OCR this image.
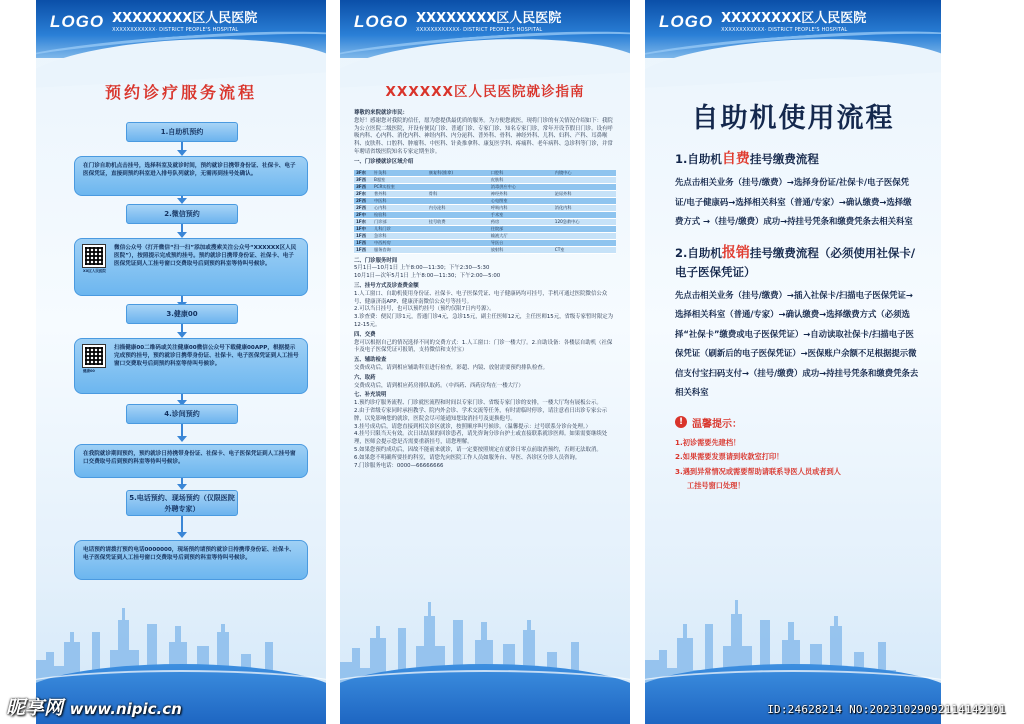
LOGO XXXXXXXX区人民医院
XXXXXXXXXXXX· DISTRICT PEOPLE'S HOSPITAL
预约诊疗服务流程
1.自助机预约
在门诊自助机点击挂号，选择科室及就诊时间，预约就诊日携带身份证、社保卡、电子医保凭证，直接到预约科室进入排号队列就诊，无需再到挂号处确认。
2.微信预约
XX区人民医院
微信公众号（打开微信“扫一扫”添加或搜索关注公众号“XXXXXX区人民医院”），按照提示完成预约挂号。预约就诊日携带身份证、社保卡、电子医保凭证到人工挂号窗口交费取号后到预约科室等待叫号候诊。
3.健康00
健康00
扫描健康00二维码或关注健康00微信公众号下载健康00APP，根据提示完成预约挂号，预约就诊日携带身份证、社保卡、电子医保凭证到人工挂号窗口交费取号后到预约科室等待叫号候诊。
4.诊间预约
在我院就诊期间预约，预约就诊日持携带身份证、社保卡、电子医保凭证到人工挂号窗口交费取号后到预约科室等待叫号候诊。
5.电话预约、现场预约（仅限医院外聘专家）
电话预约请拨打预约电话0000000，现场预约请预约就诊日持携带身份证、社保卡、电子医保凭证到人工挂号窗口交费取号后到预约科室等待叫号候诊。
LOGO XXXXXXXX区人民医院
XXXXXXXXXXXX· DISTRICT PEOPLE'S HOSPITAL
XXXXXX区人民医院就诊指南

尊敬的来院就诊市民：

您好！感谢您对我院的信任，愿为您提供最优质的服务。为方便您就医，现将门诊的有关情况介绍如下：我院为公立医院二级医院，开设有便民门诊、普通门诊、专家门诊、知名专家门诊，常年开设节假日门诊。设有呼吸内科、心内科、消化内科、神经内科、内分泌科、普外科、骨科、神经外科、儿科、妇科、产科、耳鼻喉科、皮肤科、口腔科、肿瘤科、中医科、针灸推拿科、康复医学科、疼痛科、老年病科、急诊科等门诊，并常年聘请省级医院知名专家定期坐诊。

一、门诊楼就诊区域介绍

3F东	针灸科	康复科(推拿)	口腔科	内镜中心
3F西	B超室		皮肤科	
3F西	PCR实验室		消毒供应中心	
2F东	普外科	骨科	神经外科	泌尿外科
2F西	中医科		心电图室	
2F西	心内科	内分泌科	呼吸内科	消化内科
2F中	检验科		手术室	
1F东	门诊部	挂号收费	药房	120急救中心
1F中	儿科门诊		住院部	
1F西	急诊科		输液大厅	
1F西	中西药房		导医台	
1F西	服务咨询		放射科	CT室

二、门诊服务时间

5月1日—10月1日 上午8:00—11:30；下午2:30—5:30

10月1日—次年5月1日 上午8:00—11:30；下午2:00—5:00

三、挂号方式及诊查费金额

1.人工窗口、自助机使用身份证、社保卡、电子医保凭证、电子健康码均可挂号，手机可通过医院微信公众号、健康济南APP、健康济南微信公众号等挂号。

2.可以当日挂号，也可以预约挂号（预约仅限7日内号源）。

3.诊查费：便民门诊1元，普通门诊4元，急诊15元，副主任医师12元，主任医师15元，省级专家暂时限定为12-15元。

四、交费

您可以根据自己的情况选择不同的交费方式：1.人工窗口：门诊一楼大厅。2.自助设备：各楼层自助机（社保卡及电子医保凭证可报销，支持微信和支付宝）

五、辅助检查

交费成功后，请到相应辅助科室进行检查，彩超、内镜、放射需要预约排队检查。

六、取药

交费成功后，请到相应药房排队取药。（中西药、西药房均在一楼大厅）

七、补充说明

1.预约诊疗服务流程、门诊就医流程和时间以专家门诊、省级专家门诊的安排，一楼大厅均有展板公示。

2.由于省级专家同时承担教学、院内外会诊、学术交流等任务，有时需临时停诊，请注意看日出诊专家公示牌，以免影响您的就诊，医院会尽可能通知您取消挂号及更换他号。

3.挂号成功后，请您直接到相关诊区就诊，按照顺序叫号候诊。（温馨提示：过号联系分诊台处理。）

4.挂号只限当天有效。次日出结果的回诊患者，请先咨询分诊台护士或直接联系就诊医师。如果需要继续处理，医师会提示您是否需要重新挂号，请您理解。

5.如果您预约成功后，因故不能前来就诊，请一定要按照规定在就诊日零点前取消预约，否则无法取消。

6.如果您不明确所要挂的科室，请您先向医院工作人员如服务台、导医、各诊区分诊人员咨询。

7.门诊服务电话：0000—66666666

LOGO XXXXXXXX区人民医院
XXXXXXXXXXXX· DISTRICT PEOPLE'S HOSPITAL
自助机使用流程
1.自助机自费挂号缴费流程
先点击相关业务（挂号/缴费）→选择身份证/社保卡/电子医保凭证/电子健康码→选择相关科室（普通/专家）→确认缴费→选择缴费方式 →（挂号/缴费）成功→持挂号凭条和缴费凭条去相关科室
2.自助机报销挂号缴费流程（必须使用社保卡/电子医保凭证）
先点击相关业务（挂号/缴费）→插入社保卡/扫描电子医保凭证→选择相关科室（普通/专家）→确认缴费→选择缴费方式（必须选择“社保卡”缴费或电子医保凭证）→自动读取社保卡/扫描电子医保凭证（刷新后的电子医保凭证）→医保账户余额不足根据提示微信支付宝扫码支付→（挂号/缴费）成功→持挂号凭条和缴费凭条去相关科室
! 温馨提示：
1.初诊需要先建档！
2.如果需要发票请到收款室打印！
3.遇到异常情况或需要帮助请联系导医人员或者到人
工挂号窗口处理！
昵享网 www.nipic.cn	ID:24628214 NO:20231029092114142101
